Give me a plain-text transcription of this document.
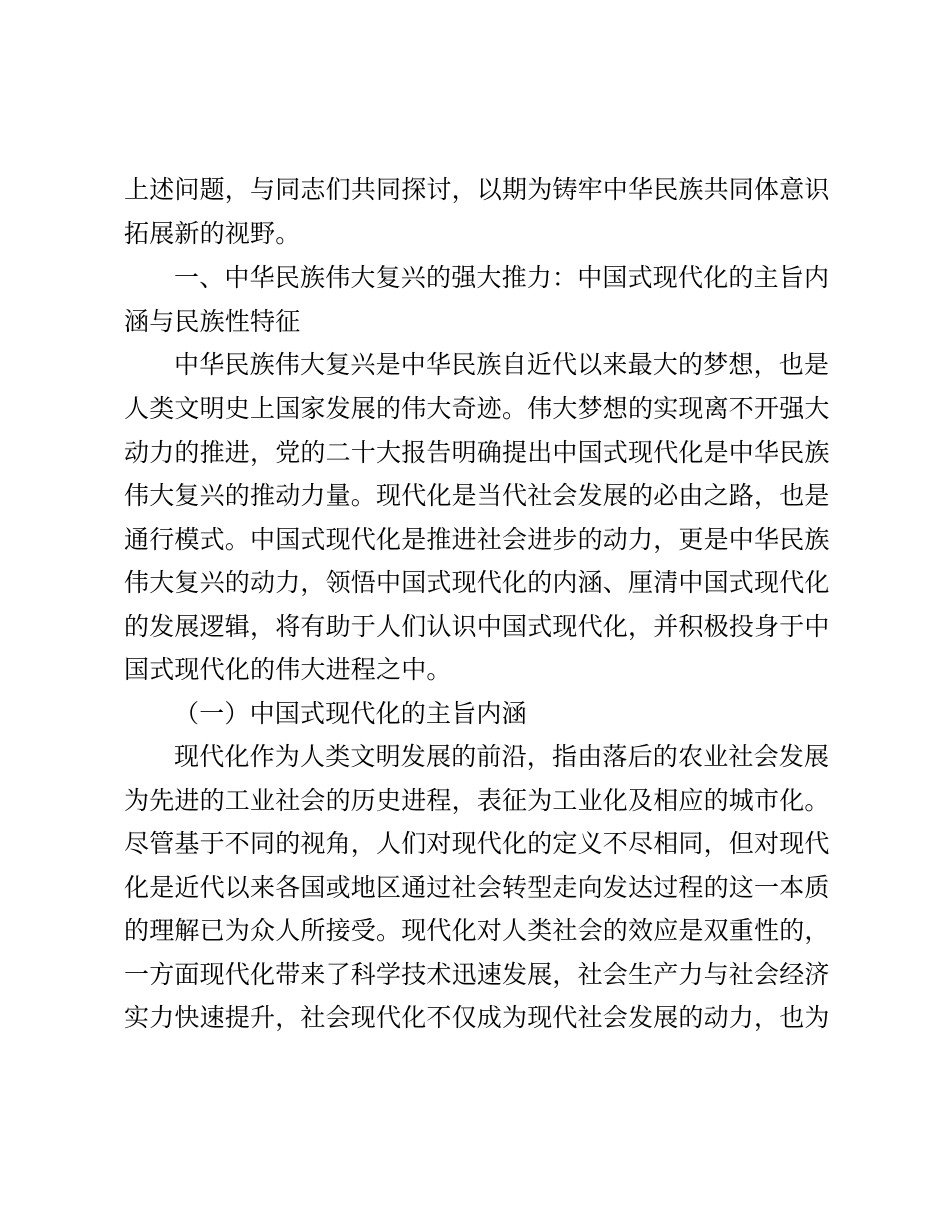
上述问题，与同志们共同探讨，以期为铸牢中华民族共同体意识
拓展新的视野。
一、中华民族伟大复兴的强大推力：中国式现代化的主旨内
涵与民族性特征
中华民族伟大复兴是中华民族自近代以来最大的梦想，也是
人类文明史上国家发展的伟大奇迹。伟大梦想的实现离不开强大
动力的推进，党的二十大报告明确提出中国式现代化是中华民族
伟大复兴的推动力量。现代化是当代社会发展的必由之路，也是
通行模式。中国式现代化是推进社会进步的动力，更是中华民族
伟大复兴的动力，领悟中国式现代化的内涵、厘清中国式现代化
的发展逻辑，将有助于人们认识中国式现代化，并积极投身于中
国式现代化的伟大进程之中。
（一）中国式现代化的主旨内涵
现代化作为人类文明发展的前沿，指由落后的农业社会发展
为先进的工业社会的历史进程，表征为工业化及相应的城市化。
尽管基于不同的视角，人们对现代化的定义不尽相同，但对现代
化是近代以来各国或地区通过社会转型走向发达过程的这一本质
的理解已为众人所接受。现代化对人类社会的效应是双重性的，
一方面现代化带来了科学技术迅速发展，社会生产力与社会经济
实力快速提升，社会现代化不仅成为现代社会发展的动力，也为
